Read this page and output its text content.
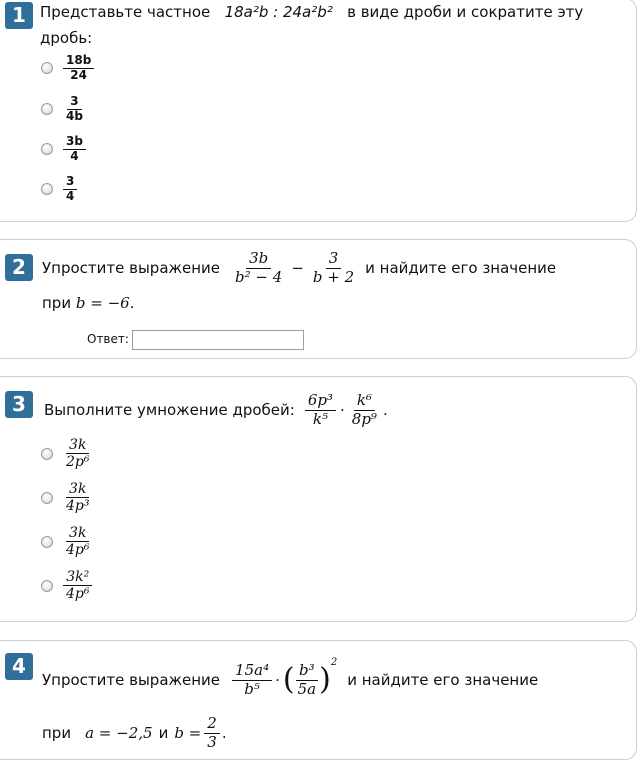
1 Представьте частное 18a²b : 24a²b² в виде дроби и сократите эту
дробь:
$\frac{18b}{24}$
$\frac{3}{4b}$
$\frac{3b}{4}$
$\frac{3}{4}$
2	Упростите выражение $\frac{3b}{\text{b² − 4}} - \frac{3}{b + 2}$ и найдите его значение
при b = −6.
Ответ:
3	Выполните умножение дробей: $\frac{\text{6p³}}{\text{k⁵}} \cdot \frac{\text{k⁶}}{\text{8p⁹}}$ .
$\frac{3k}{\text{2p⁶}}$
$\frac{3k}{\text{4p³}}$
$\frac{3k}{\text{4p⁶}}$
$\frac{\text{3k²}}{\text{4p⁶}}$
4
Упростите выражение $\frac{\text{15a⁴}}{\text{b⁵}}$ · ( $\frac{\text{b³}}{5a}$ ) 2
и найдите его значение
при a = −2,5 и $b = \frac{2}{3}$ .
